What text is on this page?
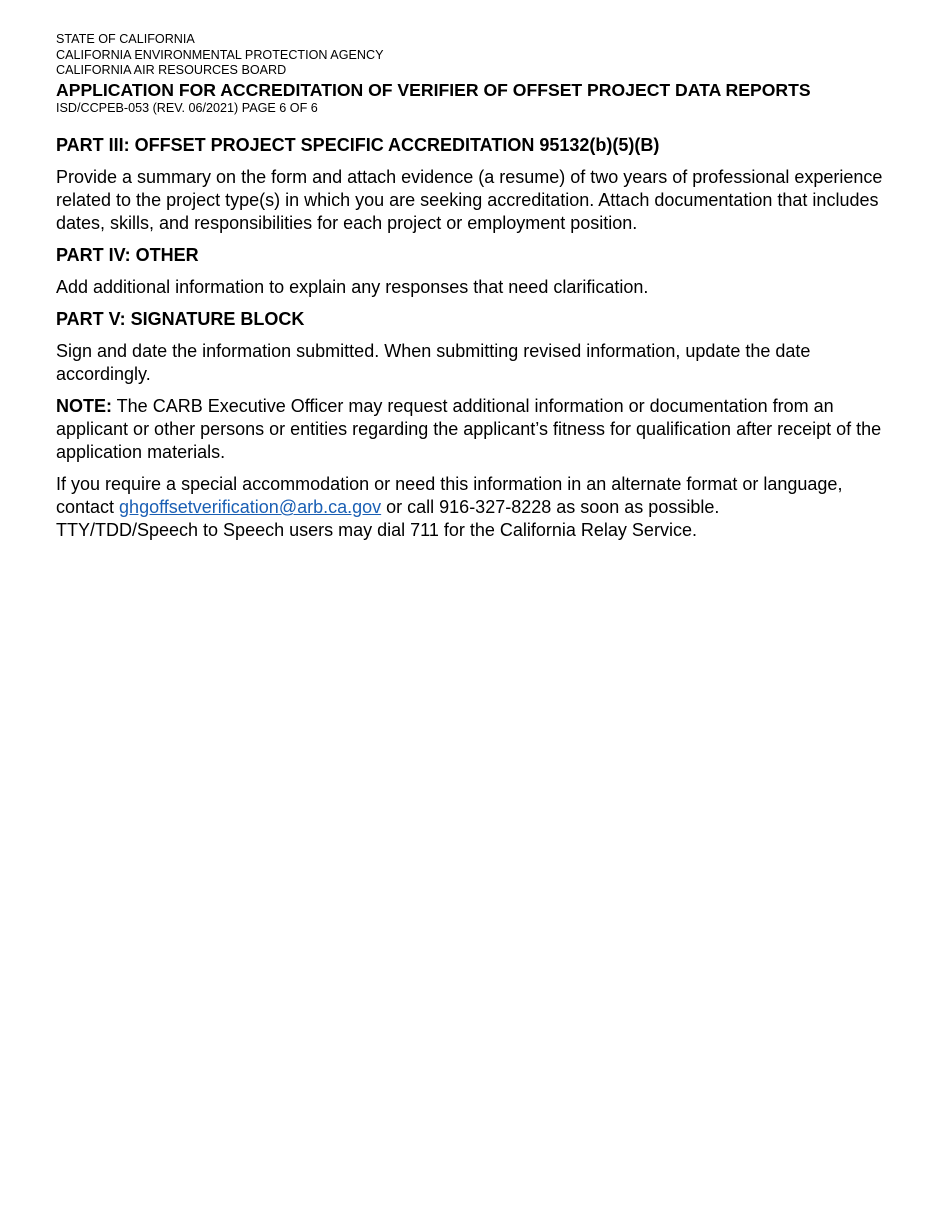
STATE OF CALIFORNIA

CALIFORNIA ENVIRONMENTAL PROTECTION AGENCY

CALIFORNIA AIR RESOURCES BOARD

APPLICATION FOR ACCREDITATION OF VERIFIER OF OFFSET PROJECT DATA REPORTS

ISD/CCPEB-053 (REV. 06/2021) PAGE 6 OF 6

PART III: OFFSET PROJECT SPECIFIC ACCREDITATION 95132(b)(5)(B)

Provide a summary on the form and attach evidence (a resume) of two years of professional experience related to the project type(s) in which you are seeking accreditation. Attach documentation that includes dates, skills, and responsibilities for each project or employment position.

PART IV: OTHER

Add additional information to explain any responses that need clarification.

PART V: SIGNATURE BLOCK

Sign and date the information submitted. When submitting revised information, update the date accordingly.

NOTE: The CARB Executive Officer may request additional information or documentation from an applicant or other persons or entities regarding the applicant’s fitness for qualification after receipt of the application materials.

If you require a special accommodation or need this information in an alternate format or language, contact ghgoffsetverification@arb.ca.gov or call 916-327-8228 as soon as possible.
TTY/TDD/Speech to Speech users may dial 711 for the California Relay Service.
